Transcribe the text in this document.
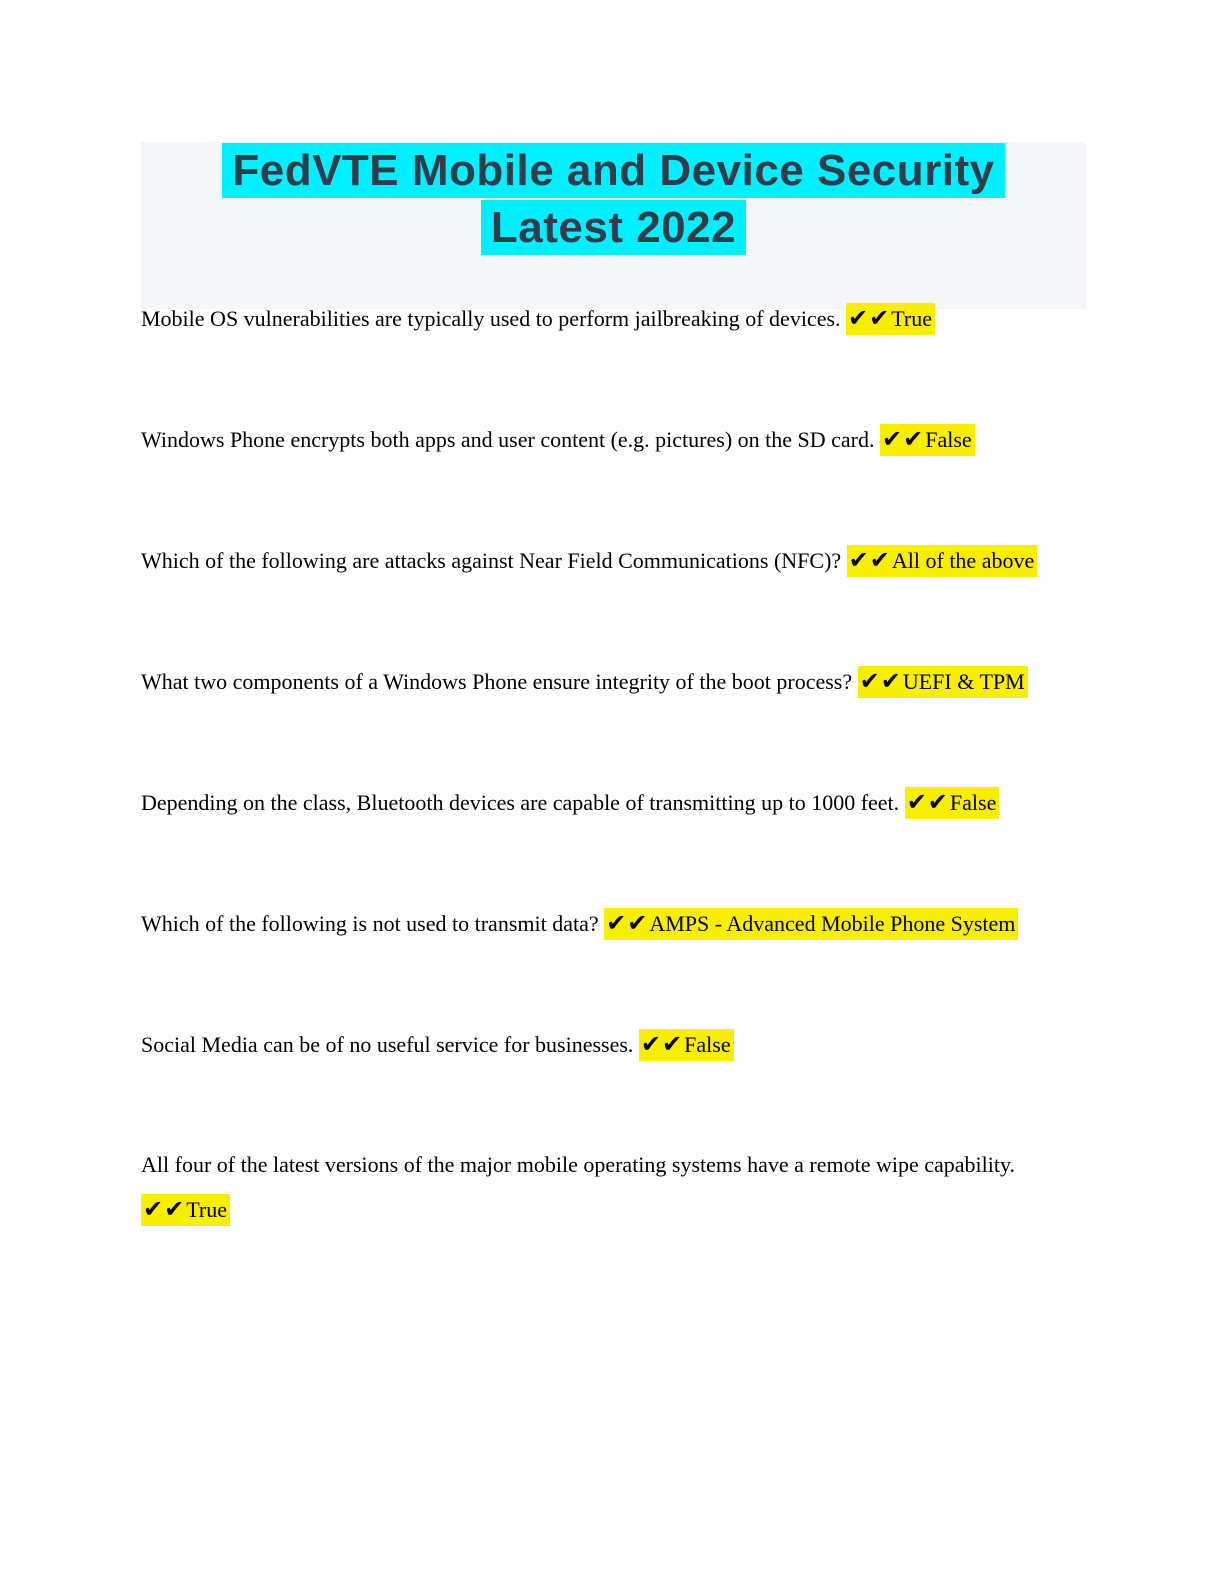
FedVTE Mobile and Device Security
Latest 2022

Mobile OS vulnerabilities are typically used to perform jailbreaking of devices. ✔✔True

Windows Phone encrypts both apps and user content (e.g. pictures) on the SD card. ✔✔False

Which of the following are attacks against Near Field Communications (NFC)? ✔✔All of the above

What two components of a Windows Phone ensure integrity of the boot process? ✔✔UEFI & TPM

Depending on the class, Bluetooth devices are capable of transmitting up to 1000 feet. ✔✔False

Which of the following is not used to transmit data? ✔✔AMPS - Advanced Mobile Phone System

Social Media can be of no useful service for businesses. ✔✔False

All four of the latest versions of the major mobile operating systems have a remote wipe capability. ✔✔True
